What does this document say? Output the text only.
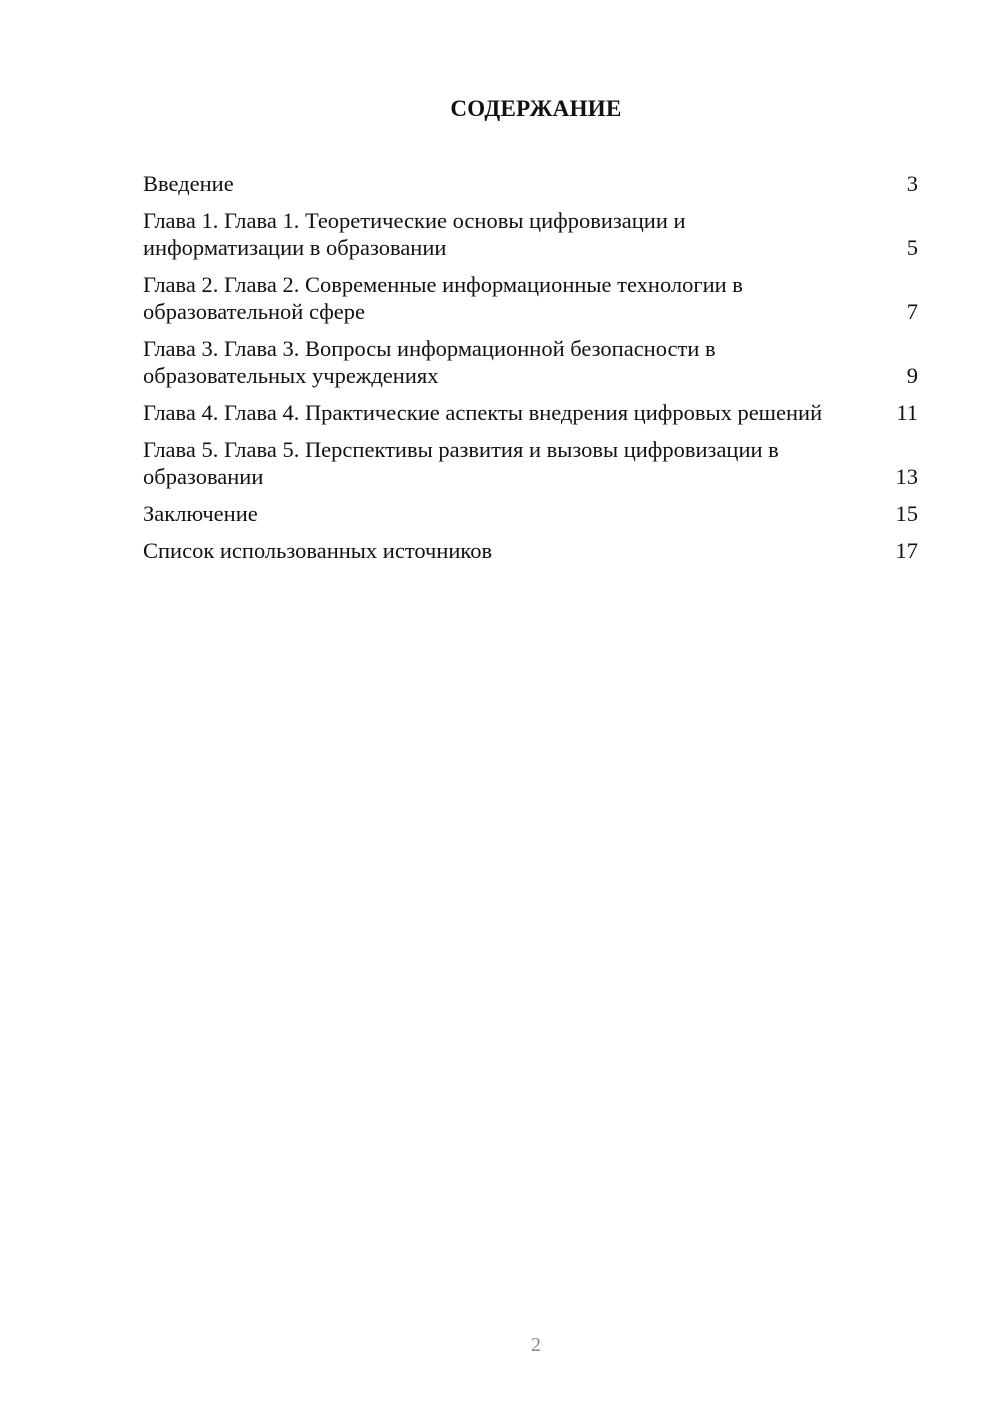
СОДЕРЖАНИЕ
Введение	3
Глава 1. Глава 1. Теоретические основы цифровизации и информатизации в образовании	5
Глава 2. Глава 2. Современные информационные технологии в образовательной сфере	7
Глава 3. Глава 3. Вопросы информационной безопасности в образовательных учреждениях	9
Глава 4. Глава 4. Практические аспекты внедрения цифровых решений	11
Глава 5. Глава 5. Перспективы развития и вызовы цифровизации в образовании	13
Заключение	15
Список использованных источников	17
2
